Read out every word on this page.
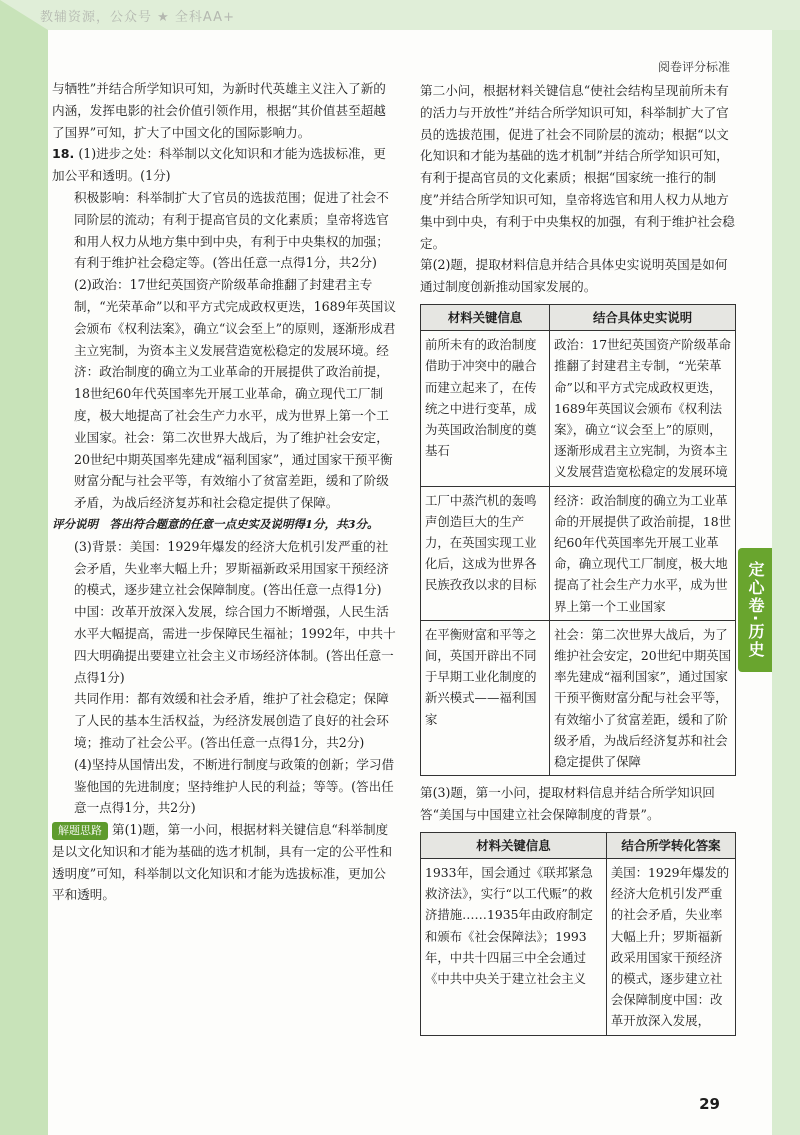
教辅资源，公众号 ★ 全科AA+
阅卷评分标准
定心卷·历史
与牺牲”并结合所学知识可知，为新时代英雄主义注入了新的内涵，发挥电影的社会价值引领作用，根据“其价值甚至超越了国界”可知，扩大了中国文化的国际影响力。
18. (1)进步之处：科举制以文化知识和才能为选拔标准，更加公平和透明。(1分)
积极影响：科举制扩大了官员的选拔范围；促进了社会不同阶层的流动；有利于提高官员的文化素质；皇帝将选官和用人权力从地方集中到中央，有利于中央集权的加强；有利于维护社会稳定等。(答出任意一点得1分，共2分)
(2)政治：17世纪英国资产阶级革命推翻了封建君主专制，“光荣革命”以和平方式完成政权更迭，1689年英国议会颁布《权利法案》，确立“议会至上”的原则，逐渐形成君主立宪制，为资本主义发展营造宽松稳定的发展环境。经济：政治制度的确立为工业革命的开展提供了政治前提，18世纪60年代英国率先开展工业革命，确立现代工厂制度，极大地提高了社会生产力水平，成为世界上第一个工业国家。社会：第二次世界大战后，为了维护社会安定，20世纪中期英国率先建成“福利国家”，通过国家干预平衡财富分配与社会平等，有效缩小了贫富差距，缓和了阶级矛盾，为战后经济复苏和社会稳定提供了保障。
评分说明　答出符合题意的任意一点史实及说明得1分，共3分。
(3)背景：美国：1929年爆发的经济大危机引发严重的社会矛盾，失业率大幅上升；罗斯福新政采用国家干预经济的模式，逐步建立社会保障制度。(答出任意一点得1分)
中国：改革开放深入发展，综合国力不断增强，人民生活水平大幅提高，需进一步保障民生福祉；1992年，中共十四大明确提出要建立社会主义市场经济体制。(答出任意一点得1分)
共同作用：都有效缓和社会矛盾，维护了社会稳定；保障了人民的基本生活权益，为经济发展创造了良好的社会环境；推动了社会公平。(答出任意一点得1分，共2分)
(4)坚持从国情出发，不断进行制度与政策的创新；学习借鉴他国的先进制度；坚持维护人民的利益；等等。(答出任意一点得1分，共2分)
解题思路 第(1)题，第一小问，根据材料关键信息“科举制度是以文化知识和才能为基础的选才机制，具有一定的公平性和透明度”可知，科举制以文化知识和才能为选拔标准，更加公平和透明。
第二小问，根据材料关键信息“使社会结构呈现前所未有的活力与开放性”并结合所学知识可知，科举制扩大了官员的选拔范围，促进了社会不同阶层的流动；根据“以文化知识和才能为基础的选才机制”并结合所学知识可知，有利于提高官员的文化素质；根据“国家统一推行的制度”并结合所学知识可知，皇帝将选官和用人权力从地方集中到中央，有利于中央集权的加强，有利于维护社会稳定。
第(2)题，提取材料信息并结合具体史实说明英国是如何通过制度创新推动国家发展的。
材料关键信息	结合具体史实说明
前所未有的政治制度借助于冲突中的融合而建立起来了，在传统之中进行变革，成为英国政治制度的奠基石	政治：17世纪英国资产阶级革命推翻了封建君主专制，“光荣革命”以和平方式完成政权更迭，1689年英国议会颁布《权利法案》，确立“议会至上”的原则，逐渐形成君主立宪制，为资本主义发展营造宽松稳定的发展环境
工厂中蒸汽机的轰鸣声创造巨大的生产力，在英国实现工业化后，这成为世界各民族孜孜以求的目标	经济：政治制度的确立为工业革命的开展提供了政治前提，18世纪60年代英国率先开展工业革命，确立现代工厂制度，极大地提高了社会生产力水平，成为世界上第一个工业国家
在平衡财富和平等之间，英国开辟出不同于早期工业化制度的新兴模式——福利国家	社会：第二次世界大战后，为了维护社会安定，20世纪中期英国率先建成“福利国家”，通过国家干预平衡财富分配与社会平等，有效缩小了贫富差距，缓和了阶级矛盾，为战后经济复苏和社会稳定提供了保障
第(3)题，第一小问，提取材料信息并结合所学知识回答“美国与中国建立社会保障制度的背景”。
材料关键信息	结合所学转化答案
1933年，国会通过《联邦紧急救济法》，实行“以工代赈”的救济措施……1935年由政府制定和颁布《社会保障法》；1993年，中共十四届三中全会通过《中共中央关于建立社会主义	美国：1929年爆发的经济大危机引发严重的社会矛盾，失业率大幅上升；罗斯福新政采用国家干预经济的模式，逐步建立社会保障制度中国：改革开放深入发展，
29
